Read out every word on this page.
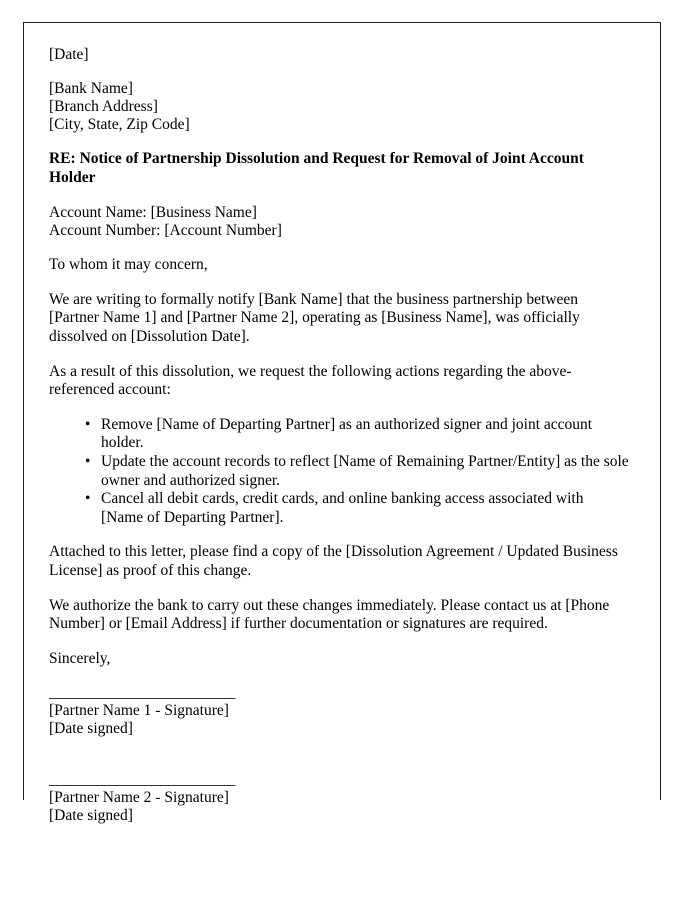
[Date]

[Bank Name]

[Branch Address]

[City, State, Zip Code]

RE: Notice of Partnership Dissolution and Request for Removal of Joint Account Holder

Account Name: [Business Name]

Account Number: [Account Number]

To whom it may concern,

We are writing to formally notify [Bank Name] that the business partnership between [Partner Name 1] and [Partner Name 2], operating as [Business Name], was officially dissolved on [Dissolution Date].

As a result of this dissolution, we request the following actions regarding the above-referenced account:

• Remove [Name of Departing Partner] as an authorized signer and joint account holder.
• Update the account records to reflect [Name of Remaining Partner/Entity] as the sole owner and authorized signer.
• Cancel all debit cards, credit cards, and online banking access associated with [Name of Departing Partner].

Attached to this letter, please find a copy of the [Dissolution Agreement / Updated Business License] as proof of this change.

We authorize the bank to carry out these changes immediately. Please contact us at [Phone Number] or [Email Address] if further documentation or signatures are required.

Sincerely,

_________________________

[Partner Name 1 - Signature]

[Date signed]

_________________________

[Partner Name 2 - Signature]

[Date signed]
